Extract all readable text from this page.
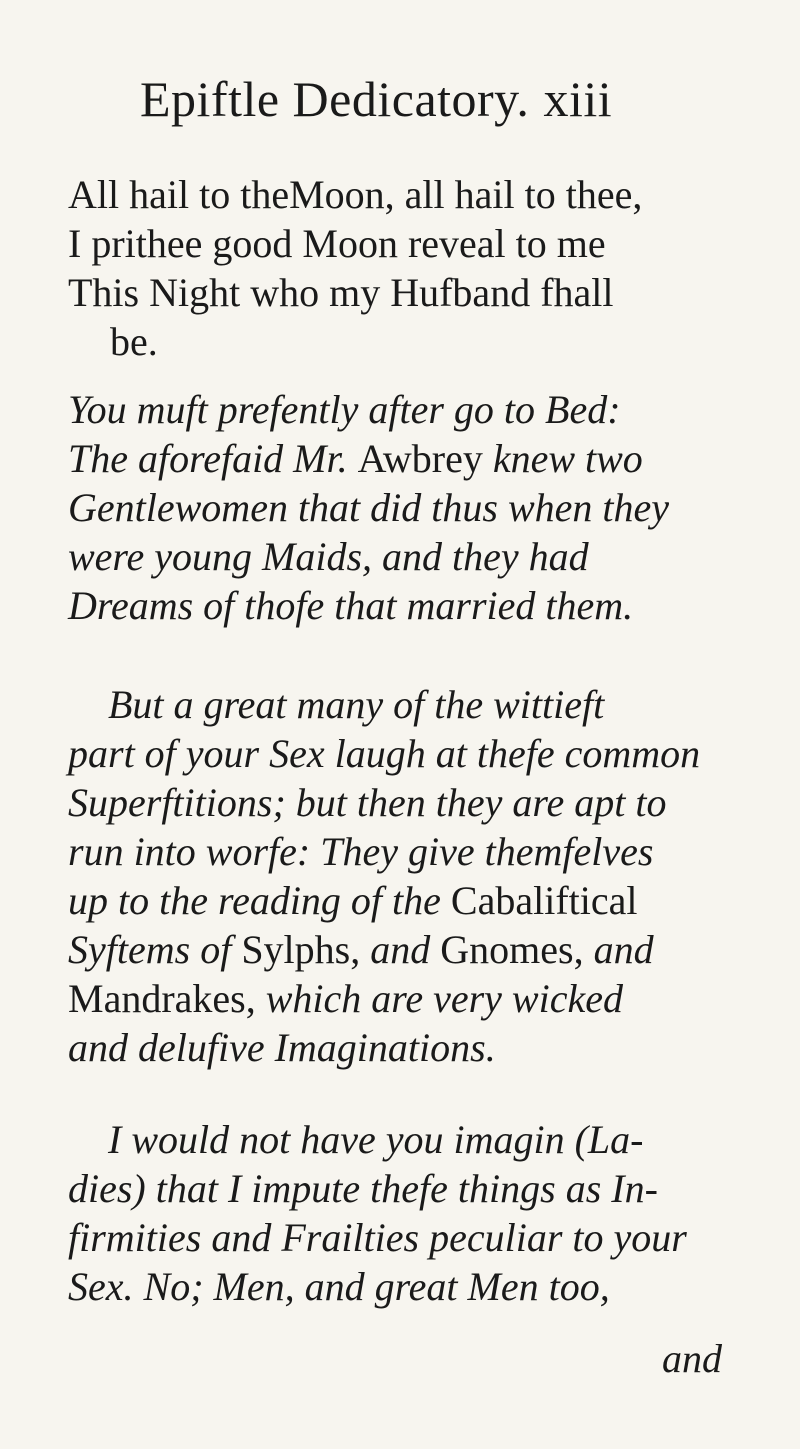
Epiftle Dedicatory. xiii
All hail to theMoon, all hail to thee,
I prithee good Moon reveal to me
This Night who my Hufband fhall
be.
You muft prefently after go to Bed:
The aforefaid Mr. Awbrey knew two
Gentlewomen that did thus when they
were young Maids, and they had
Dreams of thofe that married them.
But a great many of the wittieft
part of your Sex laugh at thefe common
Superftitions; but then they are apt to
run into worfe: They give themfelves
up to the reading of the Cabaliftical
Syftems of Sylphs, and Gnomes, and
Mandrakes, which are very wicked
and delufive Imaginations.
I would not have you imagin (La-
dies) that I impute thefe things as In-
firmities and Frailties peculiar to your
Sex. No; Men, and great Men too,
and
